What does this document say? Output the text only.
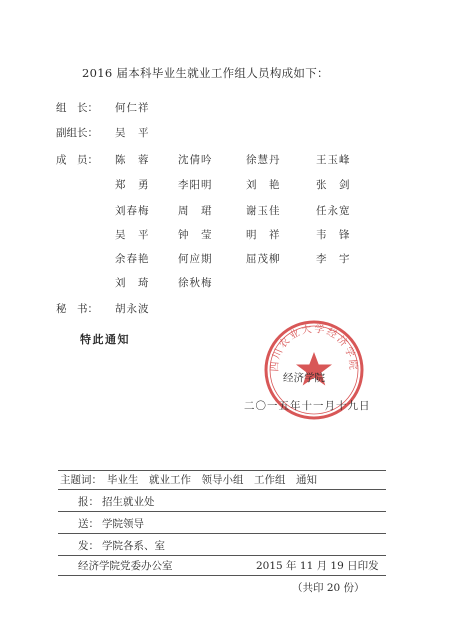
2016 届本科毕业生就业工作组人员构成如下：
组　长： 何仁祥
副组长： 吴　平
成　员： 陈　蓉	沈倩吟	徐慧丹	王玉峰
郑　勇	李阳明	刘　艳	张　剑
刘春梅	周　珺	谢玉佳	任永宽
吴　平	钟　莹	明　祥	韦　锋
余春艳	何应期	屈茂柳	李　宇
刘　琦	徐秋梅
秘　书： 胡永波
特此通知
四川农业大学经济学院
经济学院
二〇一五年十一月十九日
主题词： 毕业生　就业工作　领导小组　工作组　通知
报： 招生就业处
送： 学院领导
发： 学院各系、室
经济学院党委办公室	2015 年 11 月 19 日印发
（共印 20 份）
